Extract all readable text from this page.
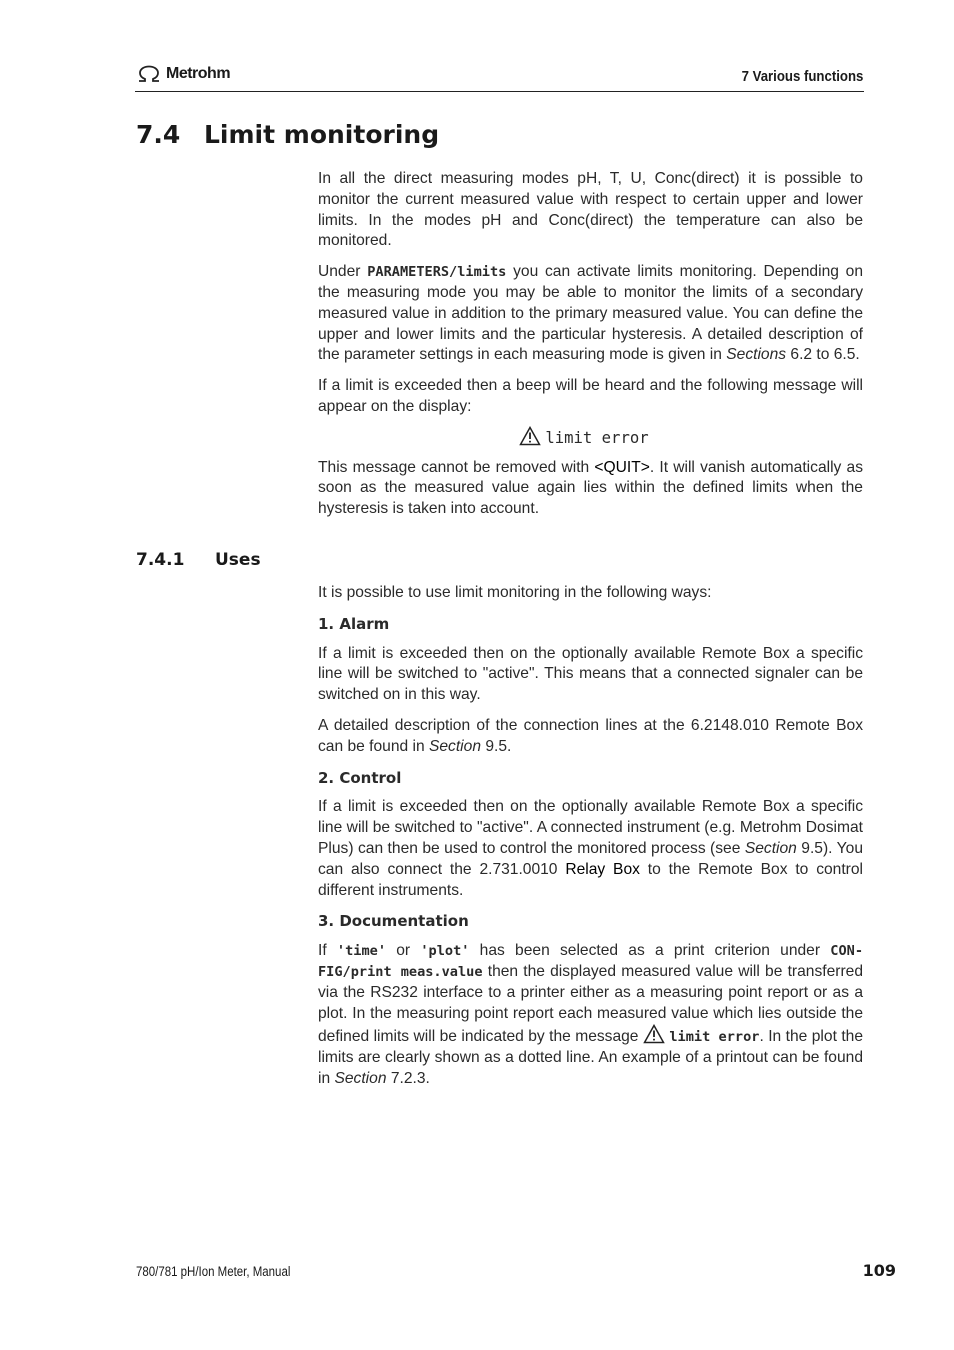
Metrohm	7 Various functions
7.4 Limit monitoring

In all the direct measuring modes pH, T, U, Conc(direct) it is possible to monitor the current measured value with respect to certain upper and lower limits. In the modes pH and Conc(direct) the temperature can also be monitored.

Under PARAMETERS/limits you can activate limits monitoring. Depending on the measuring mode you may be able to monitor the limits of a secondary measured value in addition to the primary measured value. You can define the upper and lower limits and the particular hysteresis. A detailed description of the parameter settings in each measuring mode is given in Sections 6.2 to 6.5.

If a limit is exceeded then a beep will be heard and the following message will appear on the display:

limit error

This message cannot be removed with <QUIT>. It will vanish automatically as soon as the measured value again lies within the defined limits when the hysteresis is taken into account.

7.4.1 Uses

It is possible to use limit monitoring in the following ways:

1. Alarm

If a limit is exceeded then on the optionally available Remote Box a specific line will be switched to "active". This means that a connected signaler can be switched on in this way.

A detailed description of the connection lines at the 6.2148.010 Remote Box can be found in Section 9.5.

2. Control

If a limit is exceeded then on the optionally available Remote Box a specific line will be switched to "active". A connected instrument (e.g. Metrohm Dosimat Plus) can then be used to control the monitored process (see Section 9.5). You can also connect the 2.731.0010 Relay Box to the Remote Box to control different instruments.

3. Documentation

If 'time' or 'plot' has been selected as a print criterion under CON-FIG/print meas.value then the displayed measured value will be transferred via the RS232 interface to a printer either as a measuring point report or as a plot. In the measuring point report each measured value which lies outside the defined limits will be indicated by the message  limit error. In the plot the limits are clearly shown as a dotted line. An example of a printout can be found in Section 7.2.3.

780/781 pH/Ion Meter, Manual	109
